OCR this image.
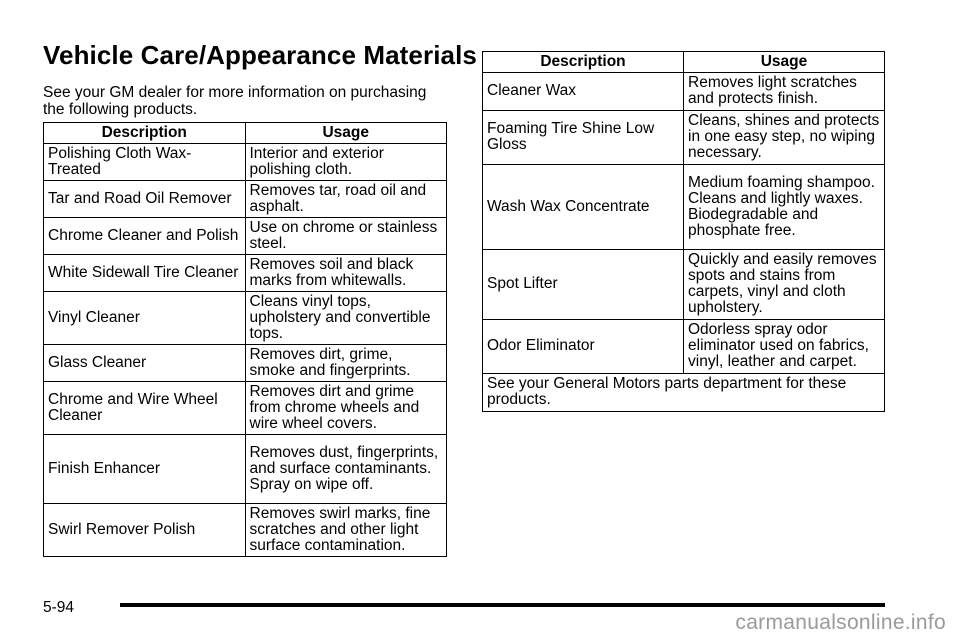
Vehicle Care/Appearance Materials
See your GM dealer for more information on purchasing the following products.
Description	Usage
Polishing Cloth Wax-Treated	Interior and exterior polishing cloth.
Tar and Road Oil Remover	Removes tar, road oil and asphalt.
Chrome Cleaner and Polish	Use on chrome or stainless steel.
White Sidewall Tire Cleaner	Removes soil and black marks from whitewalls.
Vinyl Cleaner	Cleans vinyl tops, upholstery and convertible tops.
Glass Cleaner	Removes dirt, grime, smoke and fingerprints.
Chrome and Wire Wheel Cleaner	Removes dirt and grime from chrome wheels and wire wheel covers.
Finish Enhancer	Removes dust, fingerprints, and surface contaminants. Spray on wipe off.
Swirl Remover Polish	Removes swirl marks, fine scratches and other light surface contamination.
Description	Usage
Cleaner Wax	Removes light scratches and protects finish.
Foaming Tire Shine Low Gloss	Cleans, shines and protects in one easy step, no wiping necessary.
Wash Wax Concentrate	Medium foaming shampoo. Cleans and lightly waxes. Biodegradable and phosphate free.
Spot Lifter	Quickly and easily removes spots and stains from carpets, vinyl and cloth upholstery.
Odor Eliminator	Odorless spray odor eliminator used on fabrics, vinyl, leather and carpet.
See your General Motors parts department for these products.	
5-94
carmanualsonline.info
